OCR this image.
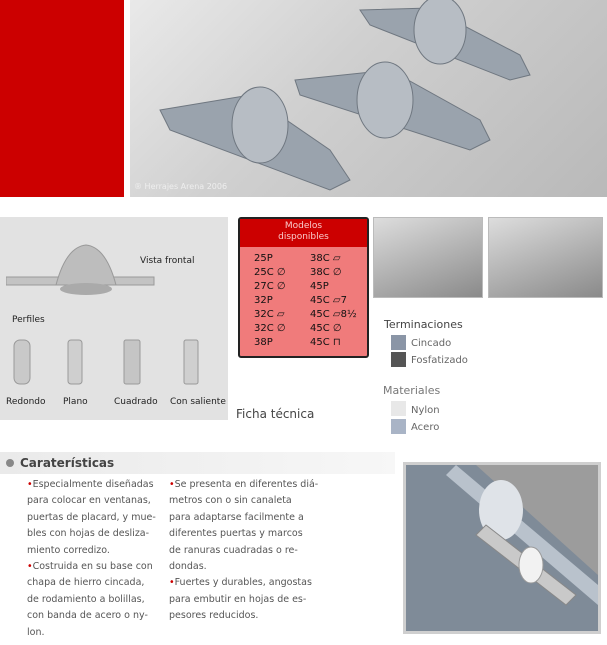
® Herrajes Arena 2006
Vista frontal
Perfiles
Redondo Plano	Cuadrado Con saliente
Modelos
disponibles
25P
25C ∅
27C ∅
32P
32C ▱
32C ∅
38P
38C ▱
38C ∅
45P
45C ▱7
45C ▱8½
45C ∅
45C ⊓
Ficha técnica
Terminaciones
Cincado
Fosfatizado
Materiales
Nylon
Acero
Caraterísticas

•Especialmente diseñadas

para colocar en ventanas,

puertas de placard, y mue-

bles con hojas de desliza-

miento corredizo.

•Costruida en su base con

chapa de hierro cincada,

de rodamiento a bolillas,

con banda de acero o ny-

lon.

•Se presenta en diferentes diá-

metros con o sin canaleta

para adaptarse facilmente a

diferentes puertas y marcos

de ranuras cuadradas o re-

dondas.

•Fuertes y durables, angostas

para embutir en hojas de es-

pesores reducidos.
